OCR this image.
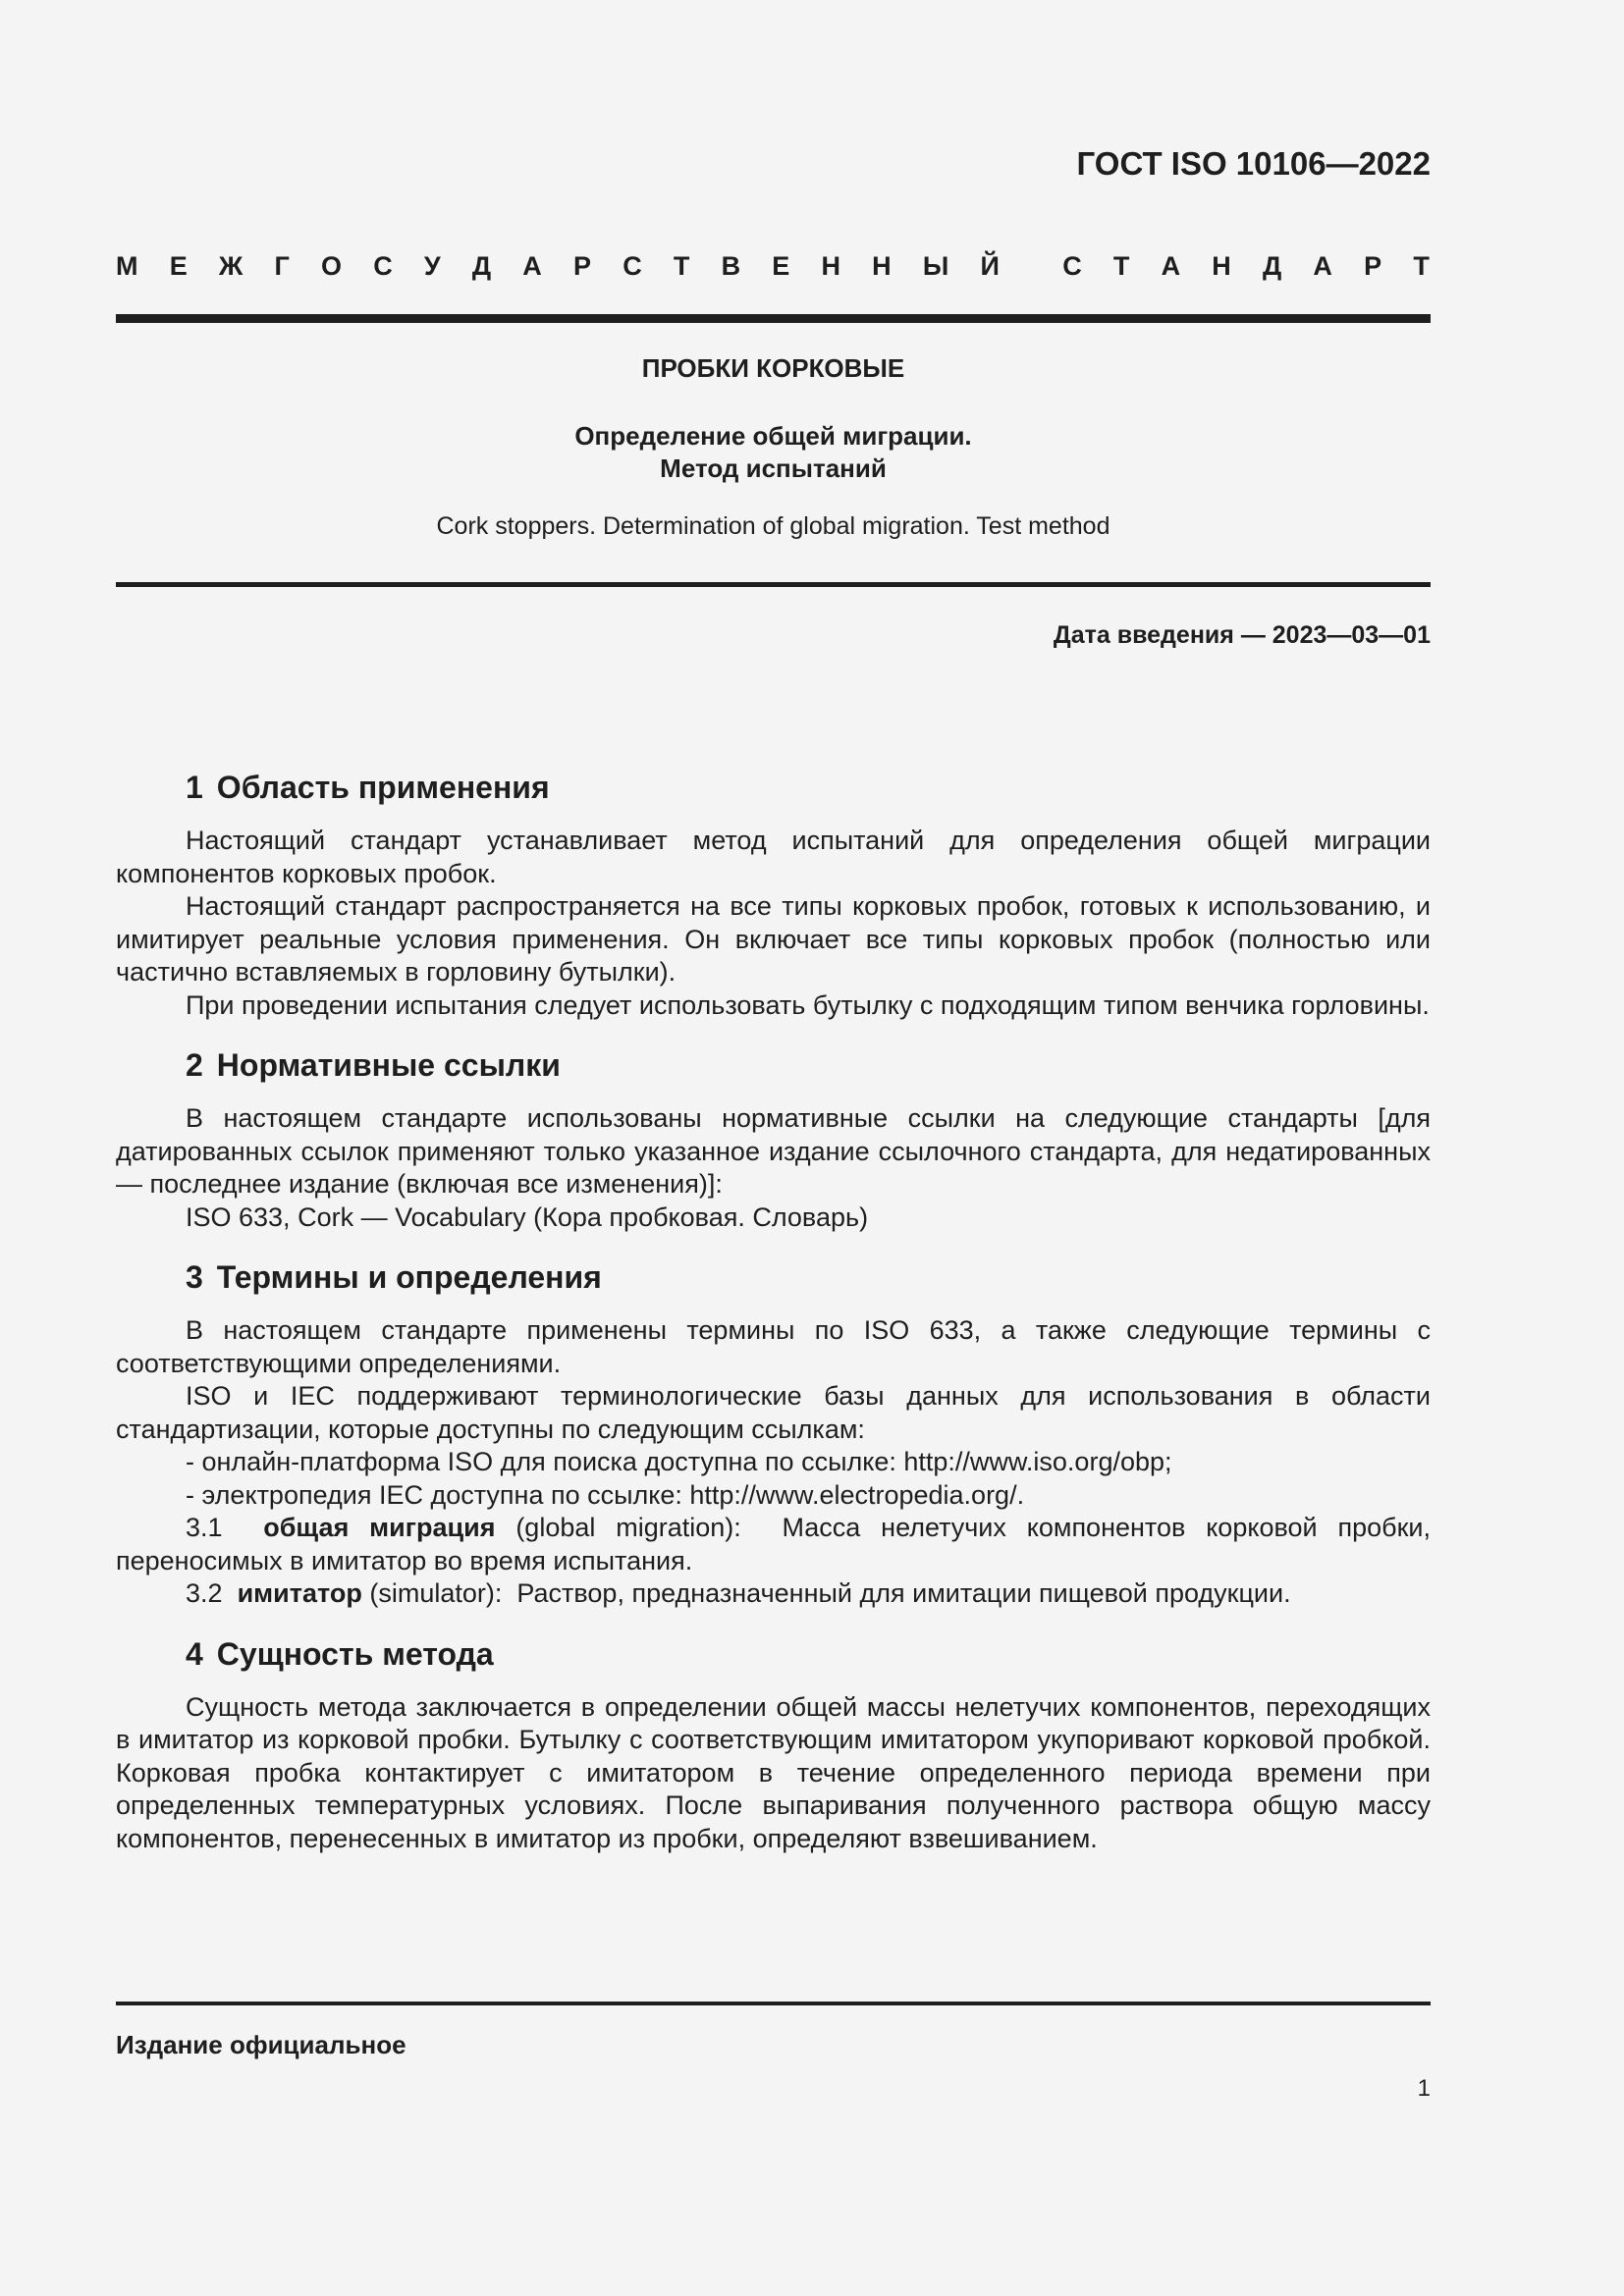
ГОСТ ISO 10106—2022
М Е Ж Г О С У Д А Р С Т В Е Н Н Ы Й С Т А Н Д А Р Т

ПРОБКИ КОРКОВЫЕ

Определение общей миграции.
Метод испытаний

Cork stoppers. Determination of global migration. Test method

Дата введения — 2023—03—01

1 Область применения

Настоящий стандарт устанавливает метод испытаний для определения общей миграции компонентов корковых пробок.

Настоящий стандарт распространяется на все типы корковых пробок, готовых к использованию, и имитирует реальные условия применения. Он включает все типы корковых пробок (полностью или частично вставляемых в горловину бутылки).

При проведении испытания следует использовать бутылку с подходящим типом венчика горловины.

2 Нормативные ссылки

В настоящем стандарте использованы нормативные ссылки на следующие стандарты [для датированных ссылок применяют только указанное издание ссылочного стандарта, для недатированных — последнее издание (включая все изменения)]:

ISO 633, Cork — Vocabulary (Кора пробковая. Словарь)

3 Термины и определения

В настоящем стандарте применены термины по ISO 633, а также следующие термины с соответствующими определениями.

ISO и IEC поддерживают терминологические базы данных для использования в области стандартизации, которые доступны по следующим ссылкам:

- онлайн-платформа ISO для поиска доступна по ссылке: http://www.iso.org/obp;

- электропедия IEC доступна по ссылке: http://www.electropedia.org/.

3.1 общая миграция (global migration): Масса нелетучих компонентов корковой пробки, переносимых в имитатор во время испытания.

3.2 имитатор (simulator): Раствор, предназначенный для имитации пищевой продукции.

4 Сущность метода

Сущность метода заключается в определении общей массы нелетучих компонентов, переходящих в имитатор из корковой пробки. Бутылку с соответствующим имитатором укупоривают корковой пробкой. Корковая пробка контактирует с имитатором в течение определенного периода времени при определенных температурных условиях. После выпаривания полученного раствора общую массу компонентов, перенесенных в имитатор из пробки, определяют взвешиванием.

Издание официальное

1
